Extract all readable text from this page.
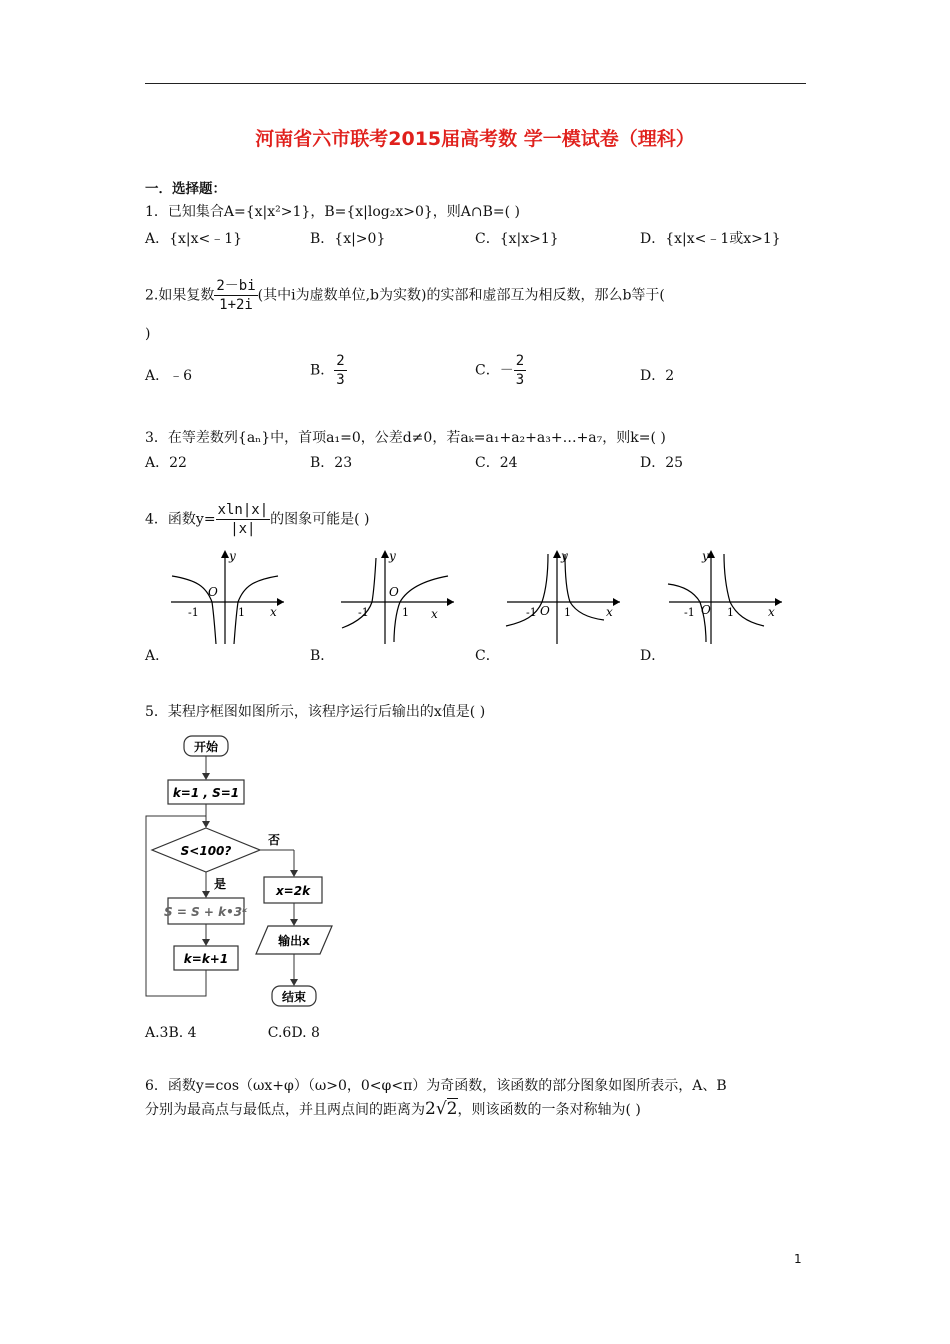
河南省六市联考2015届高考数 学一模试卷（理科）
一．选择题：
1．已知集合A={x|x²>1}，B={x|log₂x>0}，则A∩B=( )
A．{x|x<﹣1}	B．{x|>0}	C．{x|x>1}	D．{x|x<﹣1或x>1}
2.如果复数 $\frac{2-bi}{1+2i}$ (其中i为虚数单位,b为实数)的实部和虚部互为相反数，那么b等于(
)
A．﹣6	B． $\frac{2}{3}$	C．－ $\frac{2}{3}$	D．2
3．在等差数列{aₙ}中，首项a₁=0，公差d≠0，若aₖ=a₁+a₂+a₃+…+a₇，则k=( )
A．22	B．23	C．24	D．25
4．函数$y= \frac{xln|x|}{|x|}$ 的图象可能是( )
y
x
O
-1	1
y
x
O
-1	1
y
x
O
-1 1
y
x
O
-1	1
A．	B．	C．	D．
5．某程序框图如图所示，该程序运行后输出的x值是( )
开始
k=1 , S=1
S<100?
否
是
S = S + k•3ᵏ
k=k+1
x=2k
输出x
结束
A.3B. 4                C.6D. 8
6．函数y=cos（ωx+φ）（ω>0，0<φ<π）为奇函数，该函数的部分图象如图所表示，A、B
分别为最高点与最低点，并且两点间的距离为2√2，则该函数的一条对称轴为( )
1
